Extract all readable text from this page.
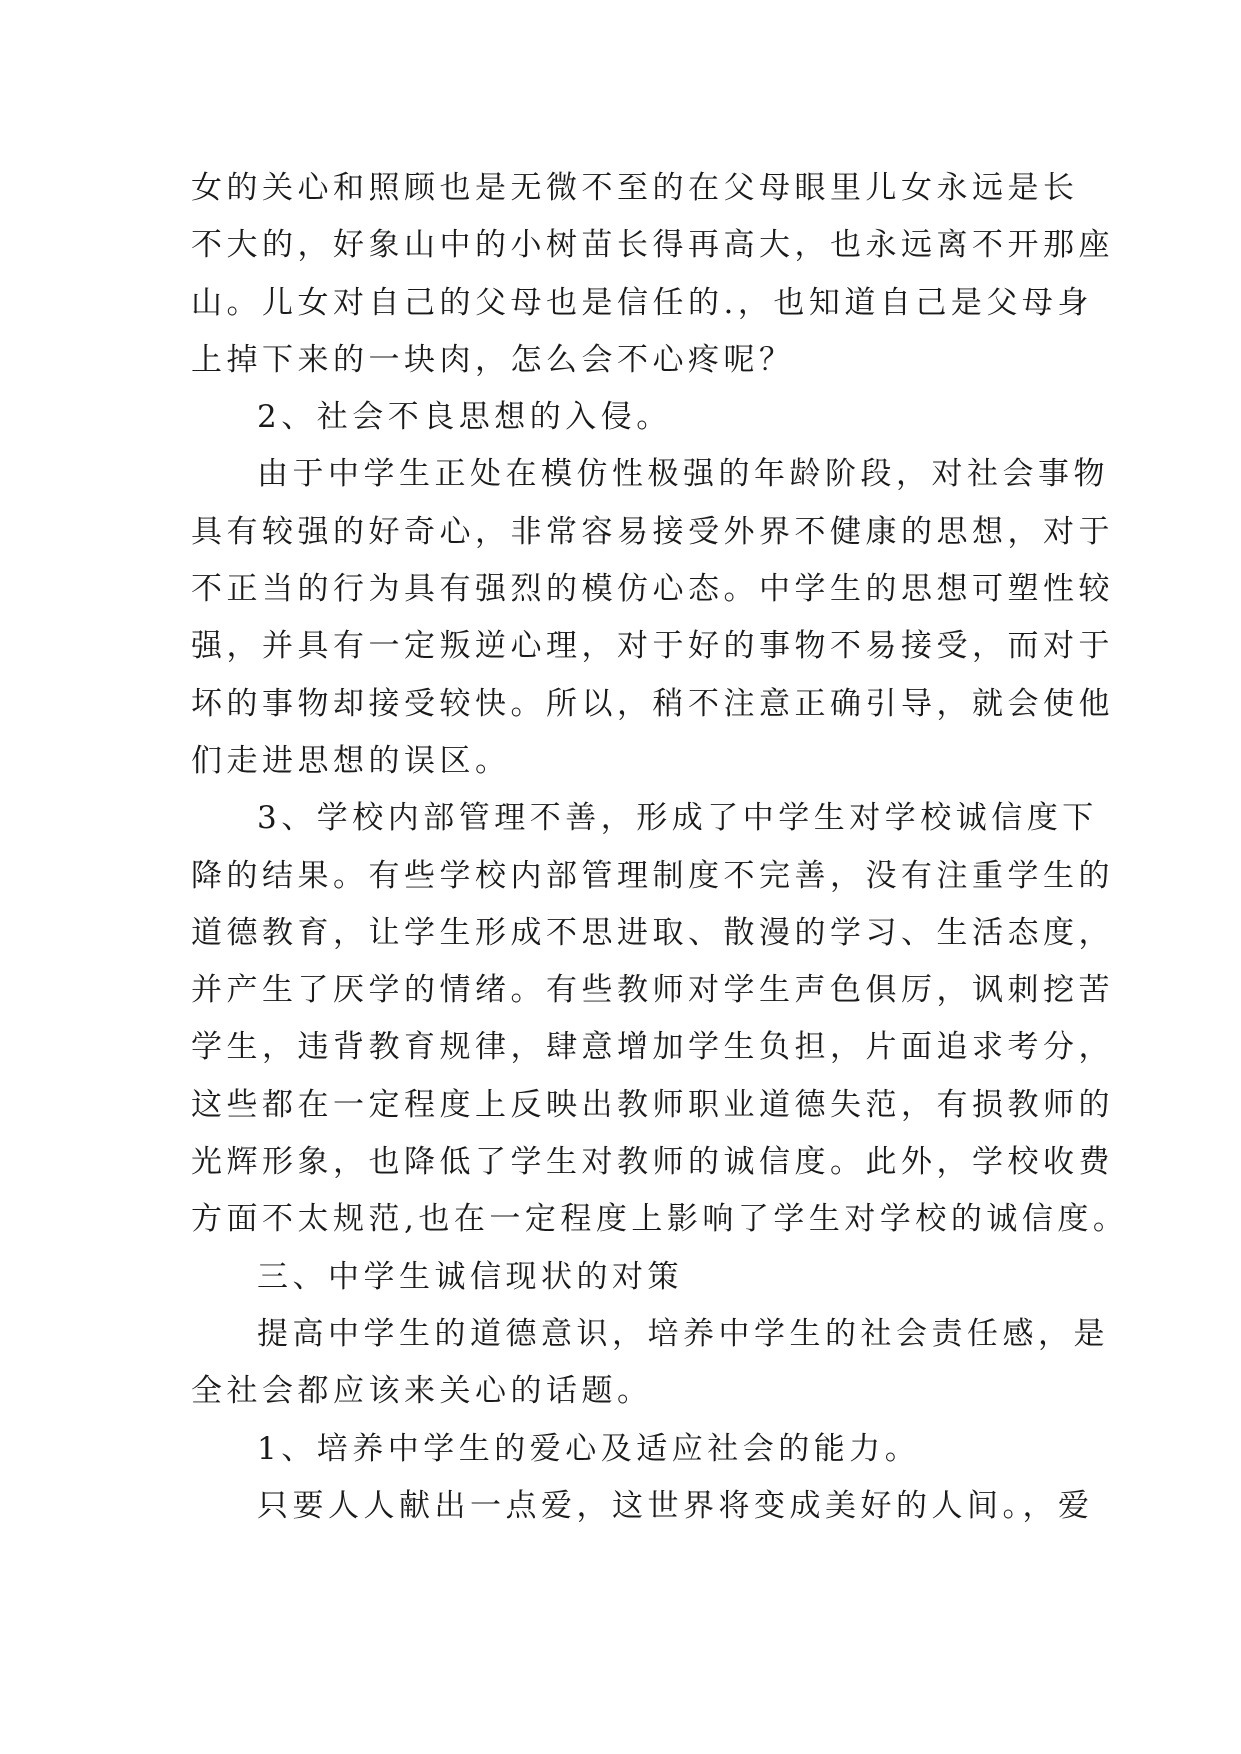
女的关心和照顾也是无微不至的在父母眼里儿女永远是长
不大的，好象山中的小树苗长得再高大，也永远离不开那座
山。儿女对自己的父母也是信任的.，也知道自己是父母身
上掉下来的一块肉，怎么会不心疼呢？
2、社会不良思想的入侵。
由于中学生正处在模仿性极强的年龄阶段，对社会事物
具有较强的好奇心，非常容易接受外界不健康的思想，对于
不正当的行为具有强烈的模仿心态。中学生的思想可塑性较
强，并具有一定叛逆心理，对于好的事物不易接受，而对于
坏的事物却接受较快。所以，稍不注意正确引导，就会使他
们走进思想的误区。
3、学校内部管理不善，形成了中学生对学校诚信度下
降的结果。有些学校内部管理制度不完善，没有注重学生的
道德教育，让学生形成不思进取、散漫的学习、生活态度，
并产生了厌学的情绪。有些教师对学生声色俱厉，讽刺挖苦
学生，违背教育规律，肆意增加学生负担，片面追求考分，
这些都在一定程度上反映出教师职业道德失范，有损教师的
光辉形象，也降低了学生对教师的诚信度。此外，学校收费
方面不太规范,也在一定程度上影响了学生对学校的诚信度。
三、中学生诚信现状的对策
提高中学生的道德意识，培养中学生的社会责任感，是
全社会都应该来关心的话题。
1、培养中学生的爱心及适应社会的能力。
只要人人献出一点爱，这世界将变成美好的人间。，爱
